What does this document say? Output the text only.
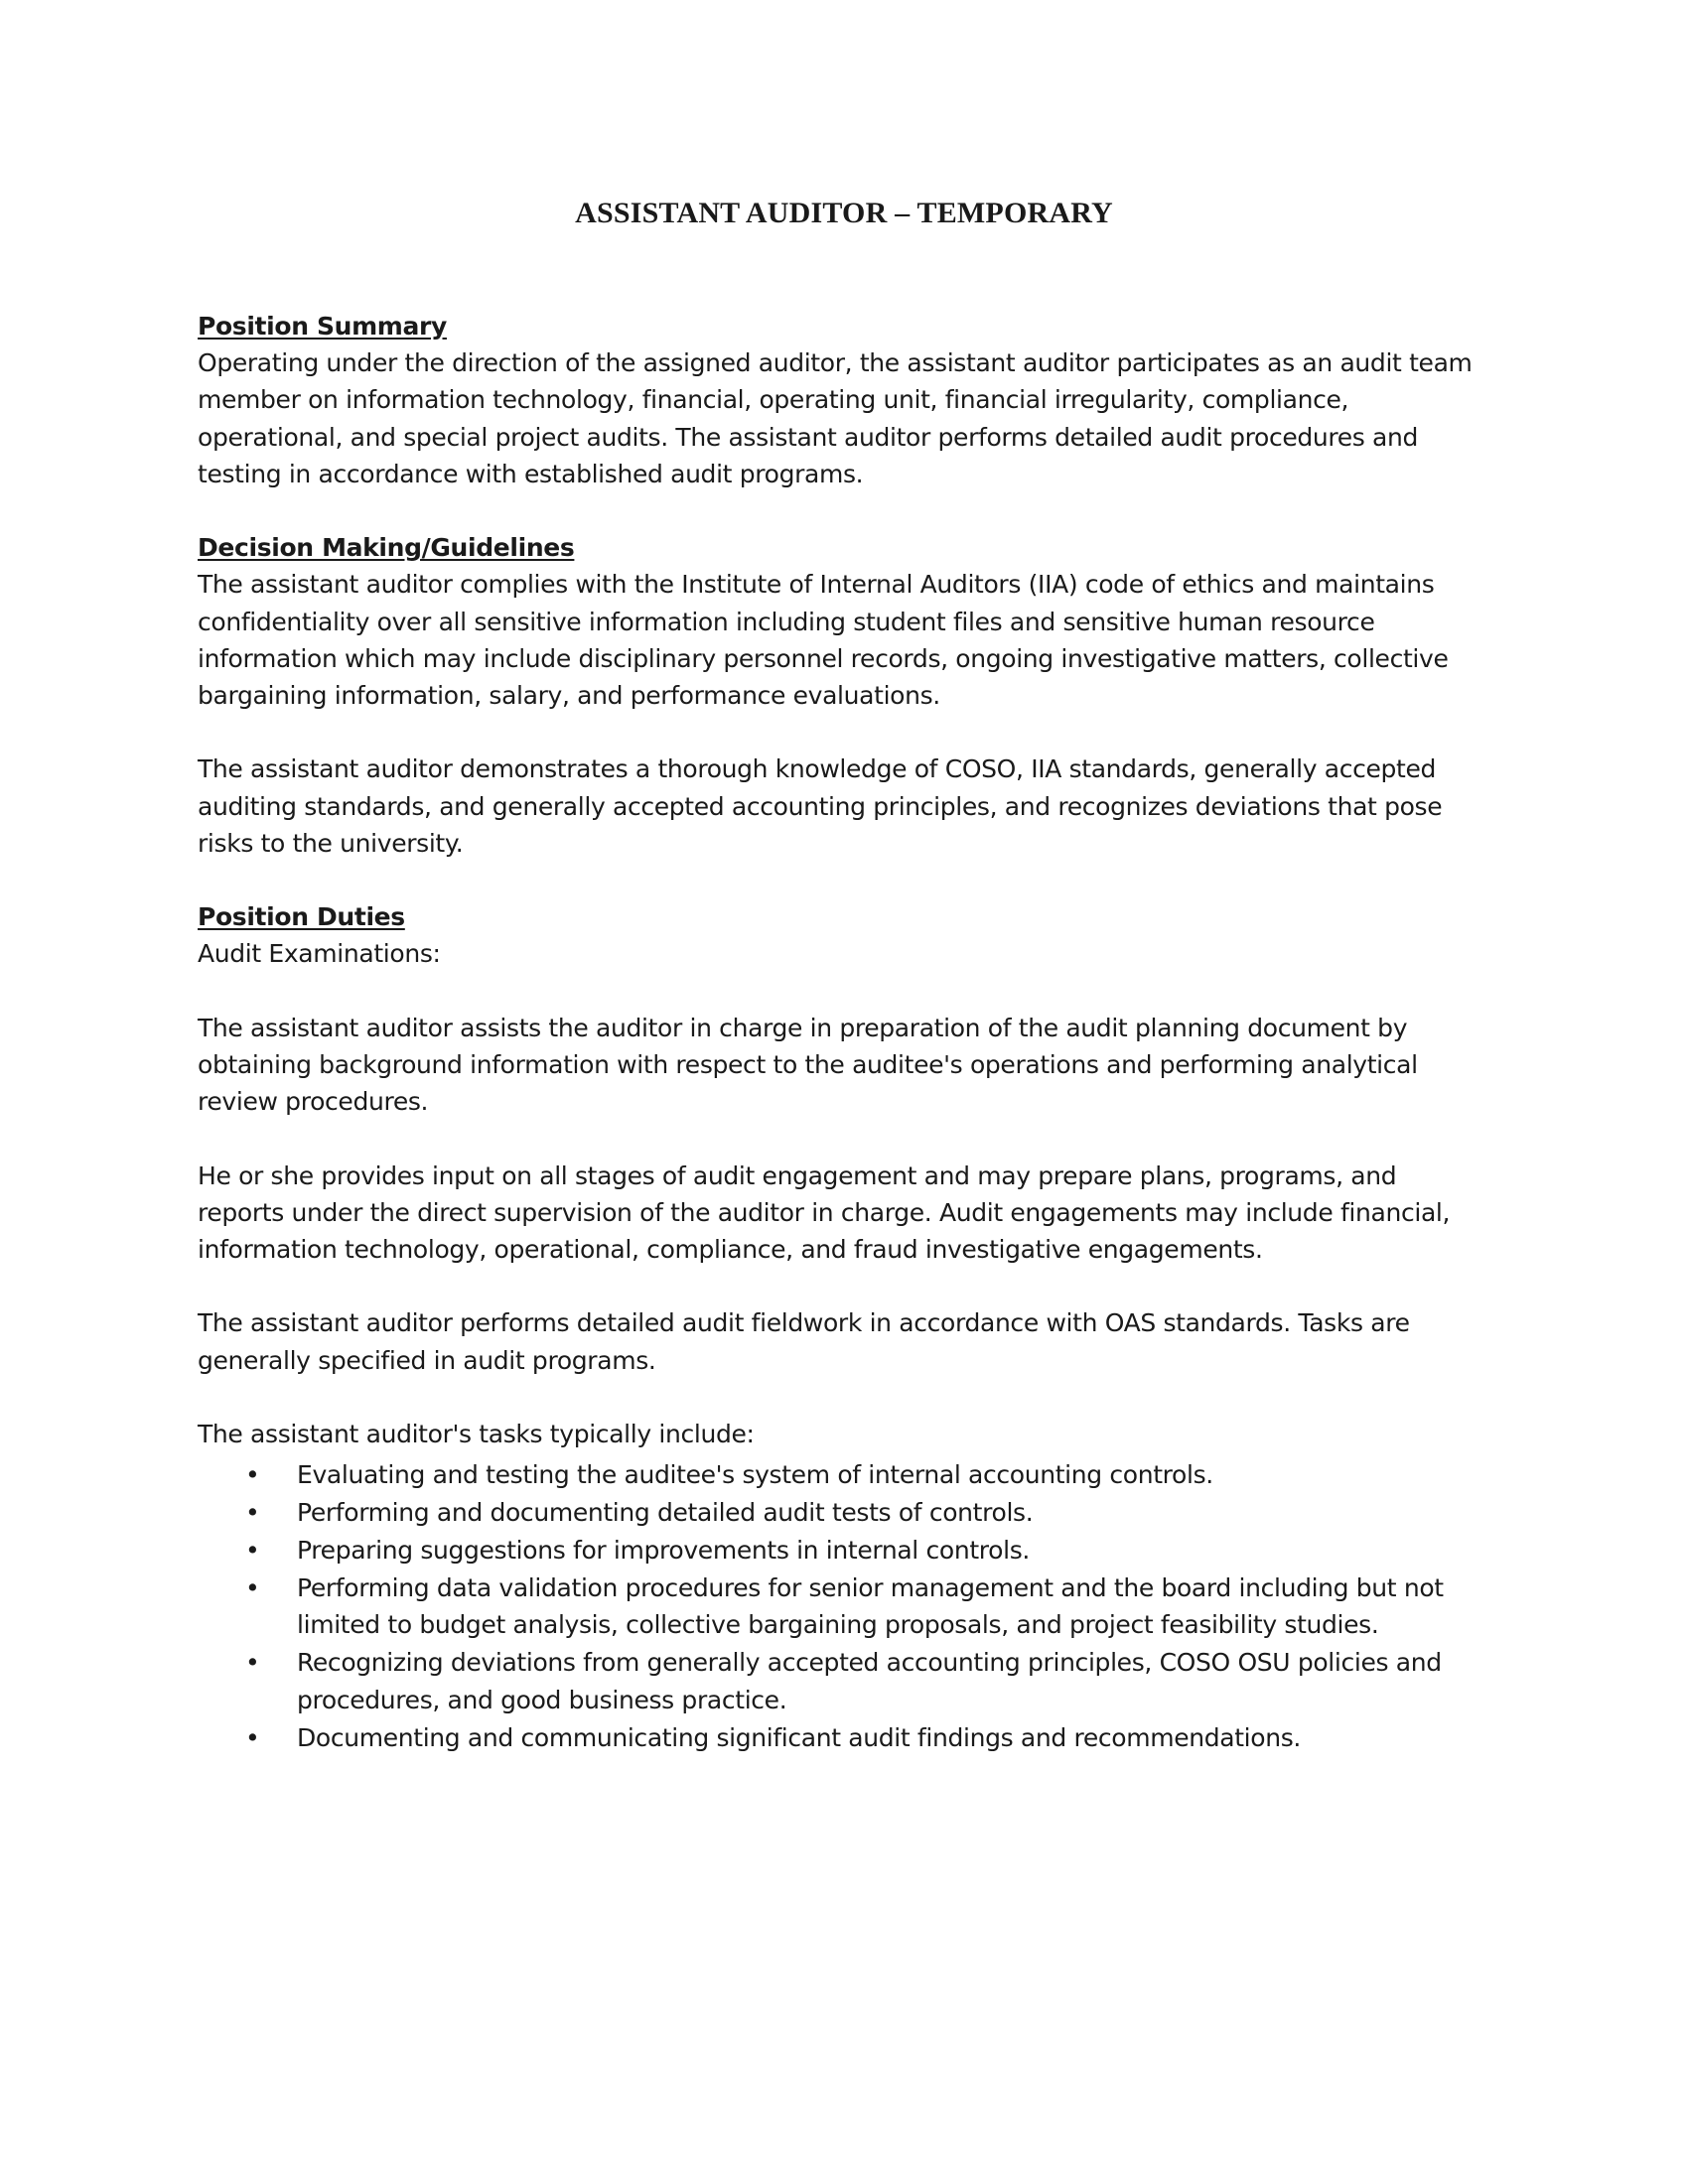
ASSISTANT AUDITOR – TEMPORARY

Position Summary

Operating under the direction of the assigned auditor, the assistant auditor participates as an audit team member on information technology, financial, operating unit, financial irregularity, compliance, operational, and special project audits. The assistant auditor performs detailed audit procedures and testing in accordance with established audit programs.

Decision Making/Guidelines

The assistant auditor complies with the Institute of Internal Auditors (IIA) code of ethics and maintains confidentiality over all sensitive information including student files and sensitive human resource information which may include disciplinary personnel records, ongoing investigative matters, collective bargaining information, salary, and performance evaluations.

The assistant auditor demonstrates a thorough knowledge of COSO, IIA standards, generally accepted auditing standards, and generally accepted accounting principles, and recognizes deviations that pose risks to the university.

Position Duties

Audit Examinations:

The assistant auditor assists the auditor in charge in preparation of the audit planning document by obtaining background information with respect to the auditee's operations and performing analytical review procedures.

He or she provides input on all stages of audit engagement and may prepare plans, programs, and reports under the direct supervision of the auditor in charge. Audit engagements may include financial, information technology, operational, compliance, and fraud investigative engagements.

The assistant auditor performs detailed audit fieldwork in accordance with OAS standards. Tasks are generally specified in audit programs.

The assistant auditor's tasks typically include:

• Evaluating and testing the auditee's system of internal accounting controls.
• Performing and documenting detailed audit tests of controls.
• Preparing suggestions for improvements in internal controls.
• Performing data validation procedures for senior management and the board including but not limited to budget analysis, collective bargaining proposals, and project feasibility studies.
• Recognizing deviations from generally accepted accounting principles, COSO OSU policies and procedures, and good business practice.
• Documenting and communicating significant audit findings and recommendations.
